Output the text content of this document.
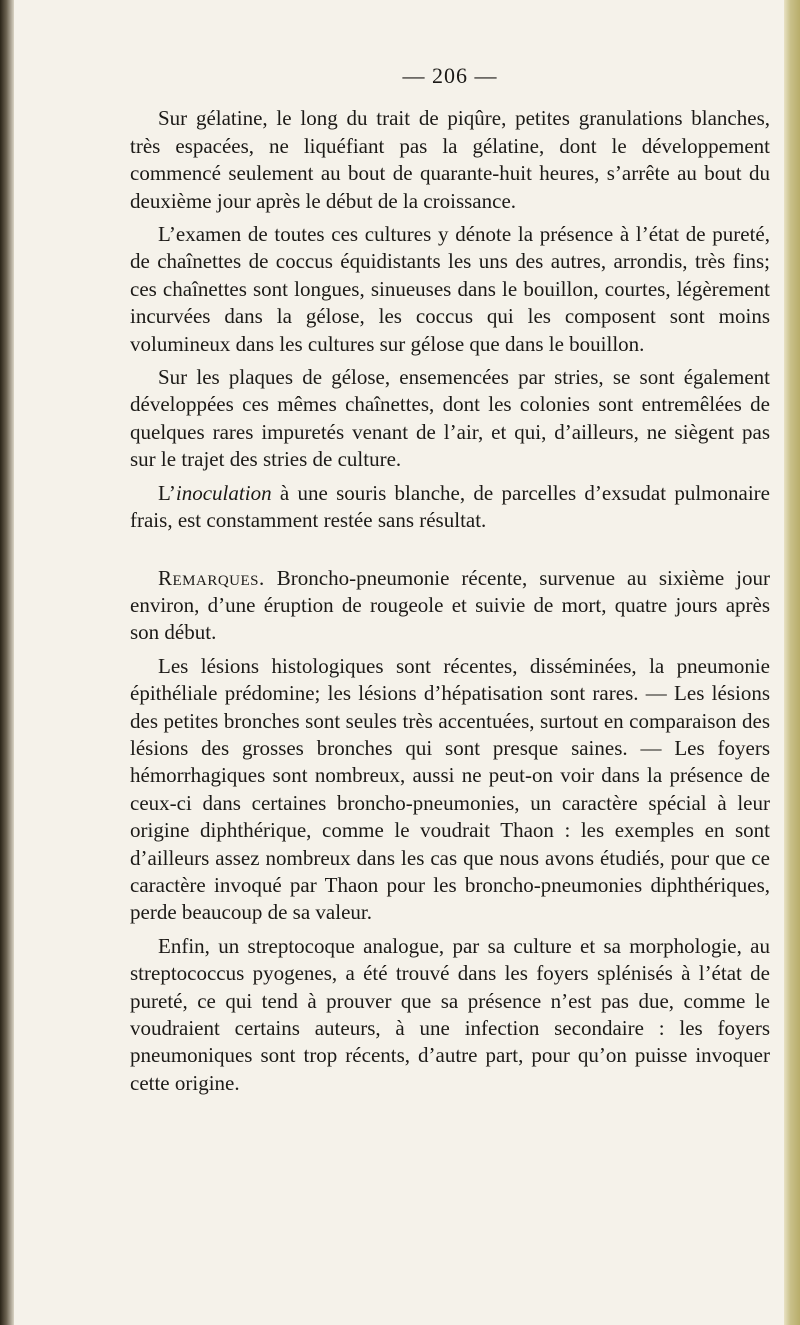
— 206 —

Sur gélatine, le long du trait de piqûre, petites granulations blanches, très espacées, ne liquéfiant pas la gélatine, dont le développement commencé seulement au bout de quarante-huit heures, s’arrête au bout du deuxième jour après le début de la croissance.

L’examen de toutes ces cultures y dénote la présence à l’état de pureté, de chaînettes de coccus équidistants les uns des autres, arrondis, très fins; ces chaînettes sont longues, sinueuses dans le bouillon, courtes, légèrement incurvées dans la gélose, les coccus qui les composent sont moins volumineux dans les cultures sur gélose que dans le bouillon.

Sur les plaques de gélose, ensemencées par stries, se sont également développées ces mêmes chaînettes, dont les colonies sont entremêlées de quelques rares impuretés venant de l’air, et qui, d’ailleurs, ne siègent pas sur le trajet des stries de culture.

L’inoculation à une souris blanche, de parcelles d’exsudat pulmonaire frais, est constamment restée sans résultat.

Remarques. Broncho-pneumonie récente, survenue au sixième jour environ, d’une éruption de rougeole et suivie de mort, quatre jours après son début.

Les lésions histologiques sont récentes, disséminées, la pneumonie épithéliale prédomine; les lésions d’hépatisation sont rares. — Les lésions des petites bronches sont seules très accentuées, surtout en comparaison des lésions des grosses bronches qui sont presque saines. — Les foyers hémorrhagiques sont nombreux, aussi ne peut-on voir dans la présence de ceux-ci dans certaines broncho-pneumonies, un caractère spécial à leur origine diphthérique, comme le voudrait Thaon : les exemples en sont d’ailleurs assez nombreux dans les cas que nous avons étudiés, pour que ce caractère invoqué par Thaon pour les broncho-pneumonies diphthériques, perde beaucoup de sa valeur.

Enfin, un streptocoque analogue, par sa culture et sa morphologie, au streptococcus pyogenes, a été trouvé dans les foyers splénisés à l’état de pureté, ce qui tend à prouver que sa présence n’est pas due, comme le voudraient certains auteurs, à une infection secondaire : les foyers pneumoniques sont trop récents, d’autre part, pour qu’on puisse invoquer cette origine.
